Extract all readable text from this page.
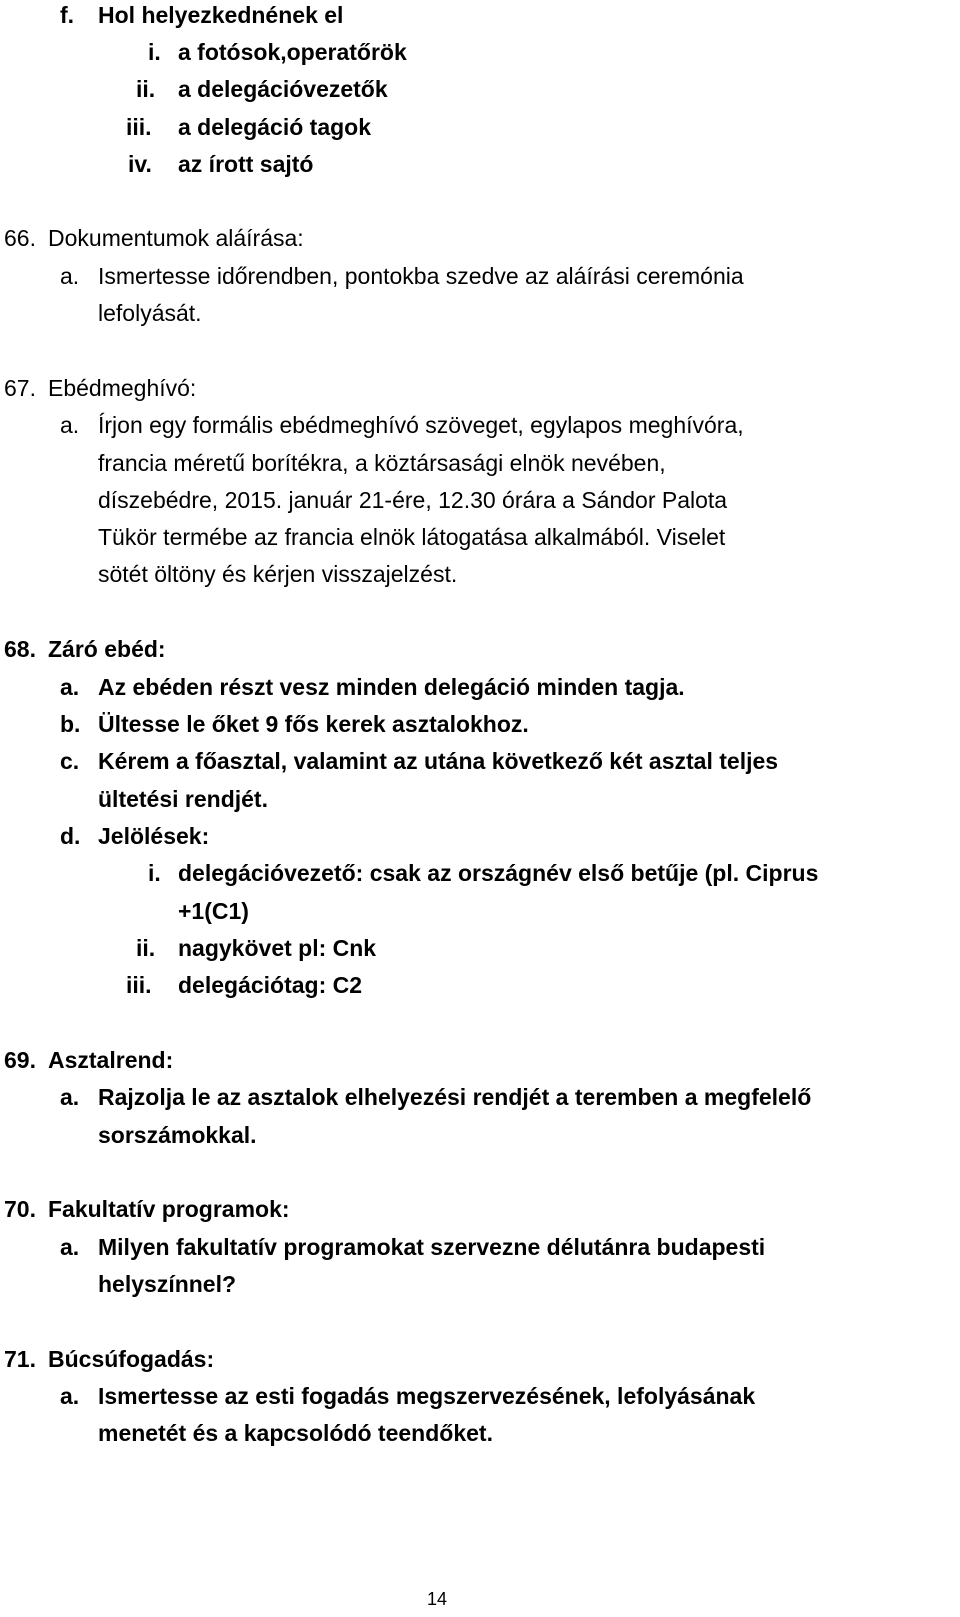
f. Hol helyezkednének el
i. a fotósok,operatőrök
ii. a delegációvezetők
iii. a delegáció tagok
iv. az írott sajtó
66. Dokumentumok aláírása:
a. Ismertesse időrendben, pontokba szedve az aláírási ceremónia
lefolyását.
67. Ebédmeghívó:
a. Írjon egy formális ebédmeghívó szöveget, egylapos meghívóra,
francia méretű borítékra, a köztársasági elnök nevében,
díszebédre, 2015. január 21-ére, 12.30 órára a Sándor Palota
Tükör termébe az francia elnök látogatása alkalmából. Viselet
sötét öltöny és kérjen visszajelzést.
68. Záró ebéd:
a. Az ebéden részt vesz minden delegáció minden tagja.
b. Ültesse le őket 9 fős kerek asztalokhoz.
c. Kérem a főasztal, valamint az utána következő két asztal teljes
ültetési rendjét.
d. Jelölések:
i. delegációvezető: csak az országnév első betűje (pl. Ciprus
+1(C1)
ii. nagykövet pl: Cnk
iii. delegációtag: C2
69. Asztalrend:
a. Rajzolja le az asztalok elhelyezési rendjét a teremben a megfelelő
sorszámokkal.
70. Fakultatív programok:
a. Milyen fakultatív programokat szervezne délutánra budapesti
helyszínnel?
71. Búcsúfogadás:
a. Ismertesse az esti fogadás megszervezésének, lefolyásának
menetét és a kapcsolódó teendőket.
14
